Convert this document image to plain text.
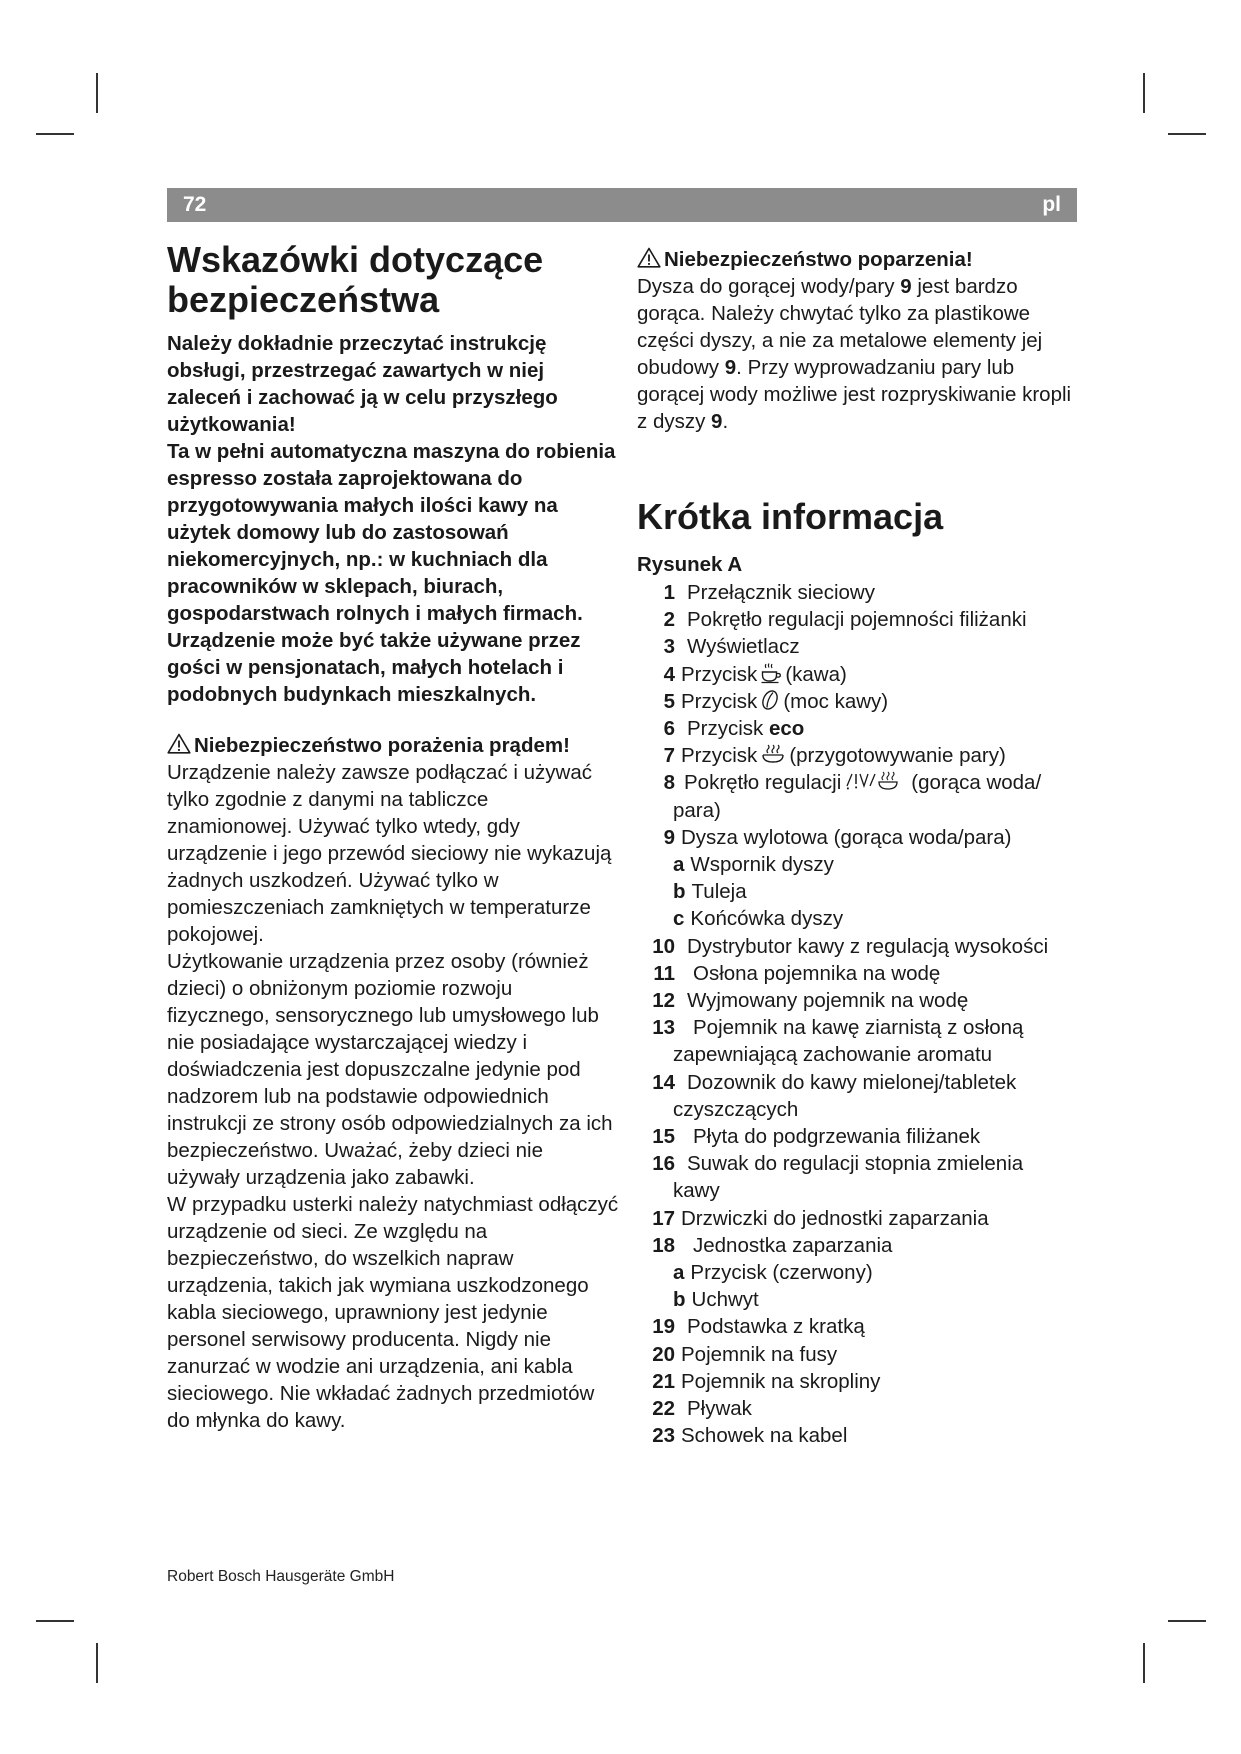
72	pl
Wskazówki dotyczące bezpieczeństwa

Należy dokładnie przeczytać instrukcję obsługi, przestrzegać zawartych w niej zaleceń i zachować ją w celu przyszłego użytkowania!

Ta w pełni automatyczna maszyna do robienia espresso została zaprojektowana do przygotowywania małych ilości kawy na użytek domowy lub do zastosowań niekomercyjnych, np.: w kuchniach dla pracowników w sklepach, biurach, gospodarstwach rolnych i małych firmach. Urządzenie może być także używane przez gości w pensjonatach, małych hotelach i podobnych budynkach mieszkalnych.

Niebezpieczeństwo porażenia prądem!

Urządzenie należy zawsze podłączać i używać tylko zgodnie z danymi na tabliczce znamionowej. Używać tylko wtedy, gdy urządzenie i jego przewód sieciowy nie wykazują żadnych uszkodzeń. Używać tylko w pomieszczeniach zamkniętych w temperaturze pokojowej.

Użytkowanie urządzenia przez osoby (również dzieci) o obniżonym poziomie rozwoju fizycznego, sensorycznego lub umysłowego lub nie posiadające wystarczającej wiedzy i doświadczenia jest dopuszczalne jedynie pod nadzorem lub na podstawie odpowiednich instrukcji ze strony osób odpowiedzialnych za ich bezpieczeństwo. Uważać, żeby dzieci nie używały urządzenia jako zabawki.

W przypadku usterki należy natychmiast odłączyć urządzenie od sieci. Ze względu na bezpieczeństwo, do wszelkich napraw urządzenia, takich jak wymiana uszkodzonego kabla sieciowego, uprawniony jest jedynie personel serwisowy producenta. Nigdy nie zanurzać w wodzie ani urządzenia, ani kabla sieciowego. Nie wkładać żadnych przedmiotów do młynka do kawy.

Niebezpieczeństwo poparzenia!

Dysza do gorącej wody/pary 9 jest bardzo gorąca. Należy chwytać tylko za plastikowe części dyszy, a nie za metalowe elementy jej obudowy 9. Przy wyprowadzaniu pary lub gorącej wody możliwe jest rozpryskiwanie kropli z dyszy 9.

Krótka informacja

Rysunek A

1 Przełącznik sieciowy
2 Pokrętło regulacji pojemności filiżanki
3 Wyświetlacz
4 Przycisk (kawa)
5 Przycisk (moc kawy)
6 Przycisk eco
7 Przycisk (przygotowywanie pary)
8 Pokrętło regulacji	(gorąca woda/
para)
9 Dysza wylotowa (gorąca woda/para)
a Wspornik dyszy
b Tuleja
c Końcówka dyszy
10 Dystrybutor kawy z regulacją wysokości
11 Osłona pojemnika na wodę
12 Wyjmowany pojemnik na wodę
13 Pojemnik na kawę ziarnistą z osłoną
zapewniającą zachowanie aromatu
14 Dozownik do kawy mielonej/tabletek
czyszczących
15 Płyta do podgrzewania filiżanek
16 Suwak do regulacji stopnia zmielenia
kawy
17 Drzwiczki do jednostki zaparzania
18 Jednostka zaparzania
a Przycisk (czerwony)
b Uchwyt
19 Podstawka z kratką
20 Pojemnik na fusy
21 Pojemnik na skropliny
22 Pływak
23 Schowek na kabel
Robert Bosch Hausgeräte GmbH
